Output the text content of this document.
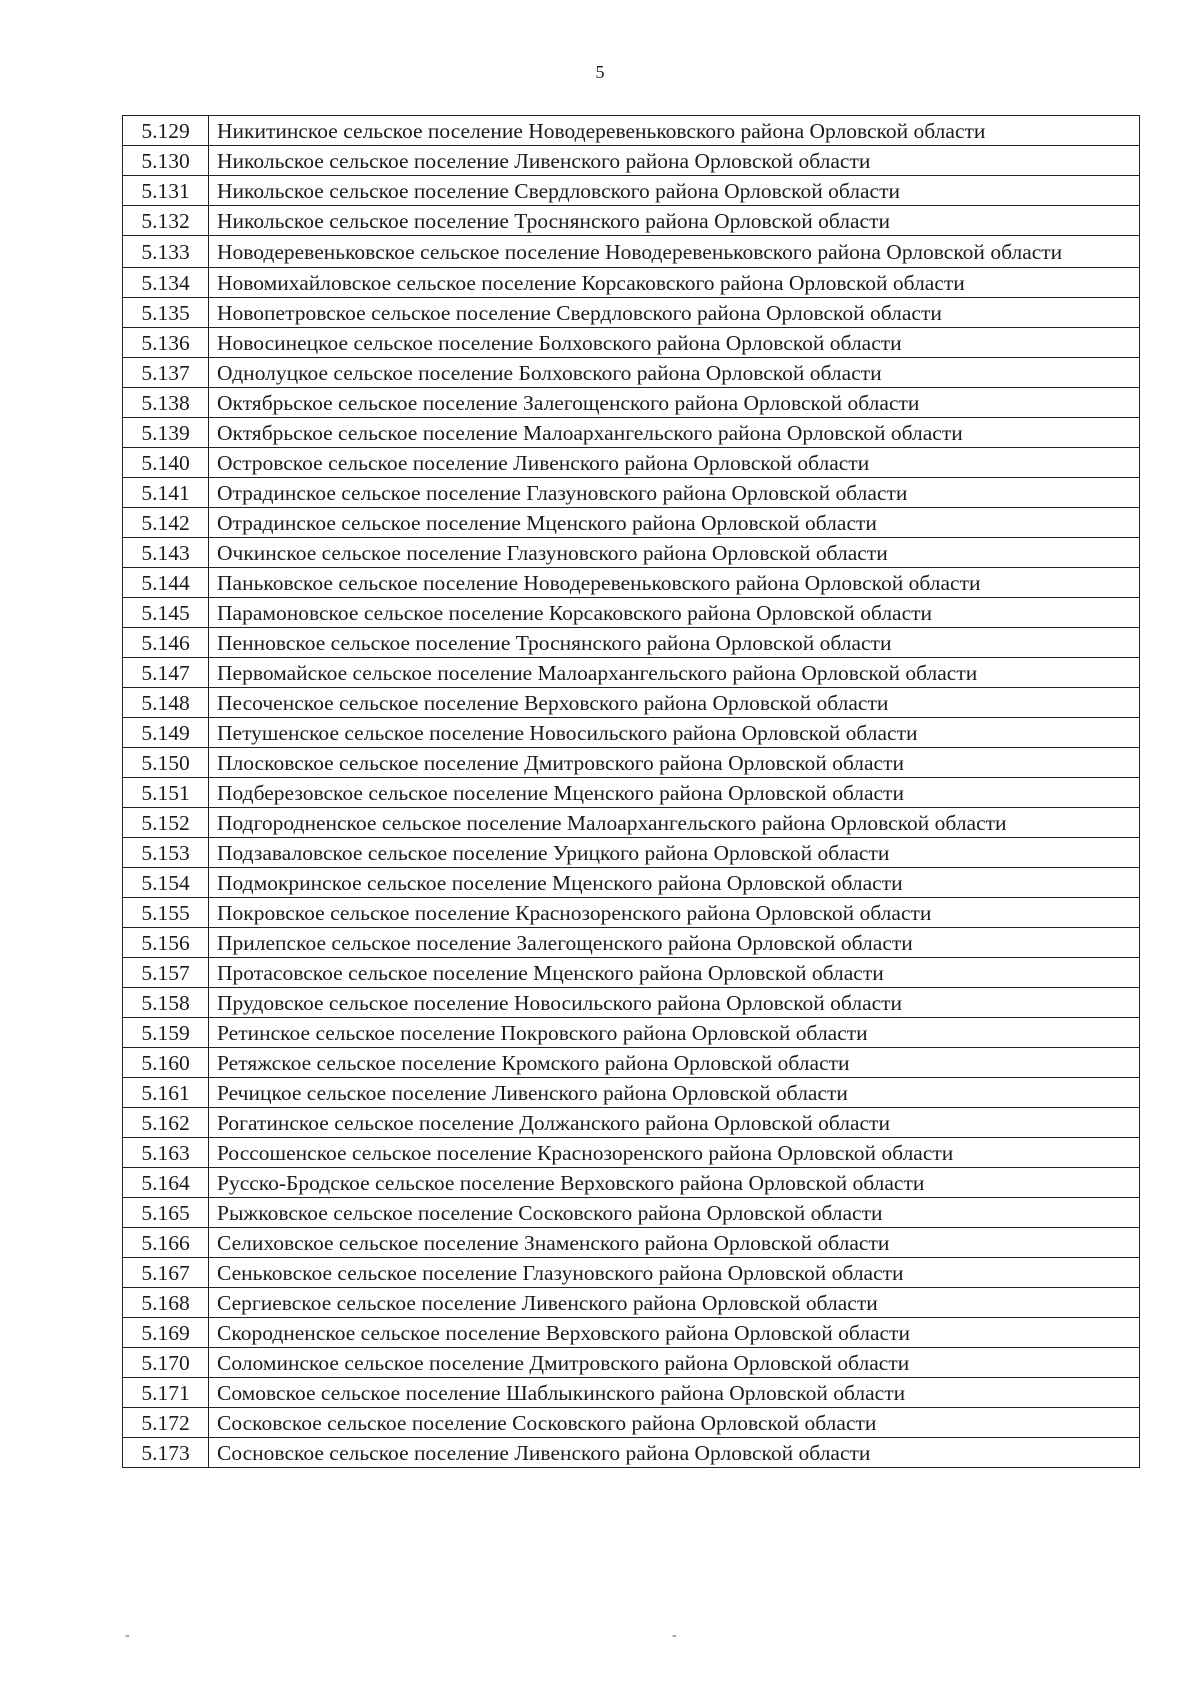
5
5.129	Никитинское сельское поселение Новодеревеньковского района Орловской области
5.130	Никольское сельское поселение Ливенского района Орловской области
5.131	Никольское сельское поселение Свердловского района Орловской области
5.132	Никольское сельское поселение Троснянского района Орловской области
5.133	Новодеревеньковское сельское поселение Новодеревеньковского района Орловской области
5.134	Новомихайловское сельское поселение Корсаковского района Орловской области
5.135	Новопетровское сельское поселение Свердловского района Орловской области
5.136	Новосинецкое сельское поселение Болховского района Орловской области
5.137	Однолуцкое сельское поселение Болховского района Орловской области
5.138	Октябрьское сельское поселение Залегощенского района Орловской области
5.139	Октябрьское сельское поселение Малоархангельского района Орловской области
5.140	Островское сельское поселение Ливенского района Орловской области
5.141	Отрадинское сельское поселение Глазуновского района Орловской области
5.142	Отрадинское сельское поселение Мценского района Орловской области
5.143	Очкинское сельское поселение Глазуновского района Орловской области
5.144	Паньковское сельское поселение Новодеревеньковского района Орловской области
5.145	Парамоновское сельское поселение Корсаковского района Орловской области
5.146	Пенновское сельское поселение Троснянского района Орловской области
5.147	Первомайское сельское поселение Малоархангельского района Орловской области
5.148	Песоченское сельское поселение Верховского района Орловской области
5.149	Петушенское сельское поселение Новосильского района Орловской области
5.150	Плосковское сельское поселение Дмитровского района Орловской области
5.151	Подберезовское сельское поселение Мценского района Орловской области
5.152	Подгородненское сельское поселение Малоархангельского района Орловской области
5.153	Подзаваловское сельское поселение Урицкого района Орловской области
5.154	Подмокринское сельское поселение Мценского района Орловской области
5.155	Покровское сельское поселение Краснозоренского района Орловской области
5.156	Прилепское сельское поселение Залегощенского района Орловской области
5.157	Протасовское сельское поселение Мценского района Орловской области
5.158	Прудовское сельское поселение Новосильского района Орловской области
5.159	Ретинское сельское поселение Покровского района Орловской области
5.160	Ретяжское сельское поселение Кромского района Орловской области
5.161	Речицкое сельское поселение Ливенского района Орловской области
5.162	Рогатинское сельское поселение Должанского района Орловской области
5.163	Россошенское сельское поселение Краснозоренского района Орловской области
5.164	Русско-Бродское сельское поселение Верховского района Орловской области
5.165	Рыжковское сельское поселение Сосковского района Орловской области
5.166	Селиховское сельское поселение Знаменского района Орловской области
5.167	Сеньковское сельское поселение Глазуновского района Орловской области
5.168	Сергиевское сельское поселение Ливенского района Орловской области
5.169	Скородненское сельское поселение Верховского района Орловской области
5.170	Соломинское сельское поселение Дмитровского района Орловской области
5.171	Сомовское сельское поселение Шаблыкинского района Орловской области
5.172	Сосковское сельское поселение Сосковского района Орловской области
5.173	Сосновское сельское поселение Ливенского района Орловской области
-	-
